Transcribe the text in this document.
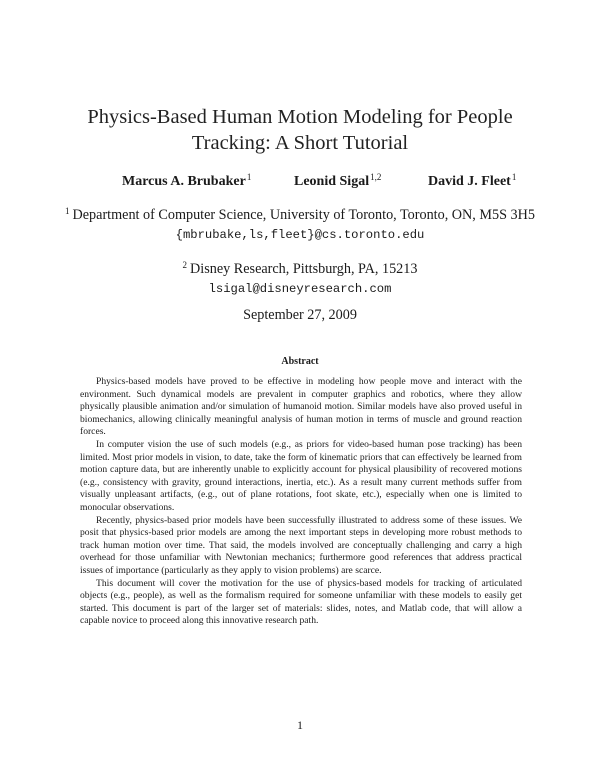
Physics-Based Human Motion Modeling for People Tracking: A Short Tutorial
Marcus A. Brubaker$^1$	Leonid Sigal$^{1,2}$	David J. Fleet$^1$
$^1$ Department of Computer Science, University of Toronto, Toronto, ON, M5S 3H5
{mbrubake,ls,fleet}@cs.toronto.edu
$^2$ Disney Research, Pittsburgh, PA, 15213
lsigal@disneyresearch.com
September 27, 2009
Abstract

Physics-based models have proved to be effective in modeling how people move and interact with the environment. Such dynamical models are prevalent in computer graphics and robotics, where they allow physically plausible animation and/or simulation of humanoid motion. Similar models have also proved useful in biomechanics, allowing clinically meaningful analysis of human motion in terms of muscle and ground reaction forces.

In computer vision the use of such models (e.g., as priors for video-based human pose tracking) has been limited. Most prior models in vision, to date, take the form of kinematic priors that can effectively be learned from motion capture data, but are inherently unable to explicitly account for physical plausibility of recovered motions (e.g., consistency with gravity, ground interactions, inertia, etc.). As a result many current methods suffer from visually unpleasant artifacts, (e.g., out of plane rotations, foot skate, etc.), especially when one is limited to monocular observations.

Recently, physics-based prior models have been successfully illustrated to address some of these issues. We posit that physics-based prior models are among the next important steps in developing more robust methods to track human motion over time. That said, the models involved are conceptually challenging and carry a high overhead for those unfamiliar with Newtonian mechanics; furthermore good references that address practical issues of importance (particularly as they apply to vision problems) are scarce.

This document will cover the motivation for the use of physics-based models for tracking of articulated objects (e.g., people), as well as the formalism required for someone unfamiliar with these models to easily get started. This document is part of the larger set of materials: slides, notes, and Matlab code, that will allow a capable novice to proceed along this innovative research path.

1
